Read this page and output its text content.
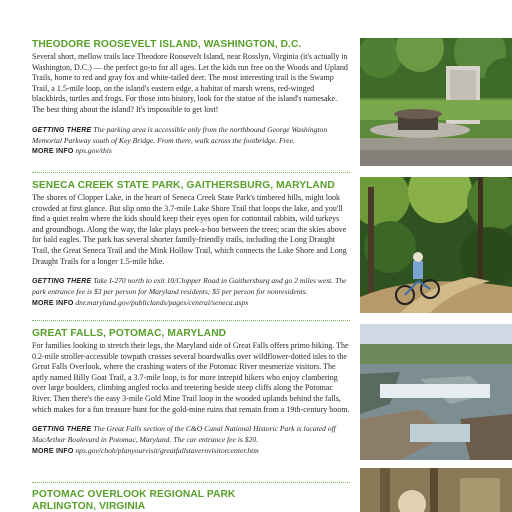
THEODORE ROOSEVELT ISLAND, WASHINGTON, D.C.
Several short, mellow trails lace Theodore Roosevelt Island, near Rosslyn, Virginia (it's actually in Washington, D.C.) — the perfect go-to for all ages. Let the kids run free on the Woods and Upland Trails, home to red and gray fox and white-tailed deer. The most interesting trail is the Swamp Trail, a 1.5-mile loop, on the island's eastern edge, a habitat of marsh wrens, red-winged blackbirds, turtles and frogs. For those into history, look for the statue of the island's namesake. The best thing about the island? It's impossible to get lost!
GETTING THERE The parking area is accessible only from the northbound George Washington Memorial Parkway south of Key Bridge. From there, walk across the footbridge. Free.
MORE INFO nps.gov/this
SENECA CREEK STATE PARK, GAITHERSBURG, MARYLAND
The shores of Clopper Lake, in the heart of Seneca Creek State Park's timbered hills, might look crowded at first glance. But slip onto the 3.7-mile Lake Shore Trail that loops the lake, and you'll find a quiet realm where the kids should keep their eyes open for cottontail rabbits, wild turkeys and groundhogs. Along the way, the lake plays peek-a-boo between the trees; scan the skies above for bald eagles. The park has several shorter family-friendly trails, including the Long Draught Trail, the Great Seneca Trail and the Mink Hollow Trail, which connects the Lake Shore and Long Draught Trails for a longer 1.5-mile hike.
GETTING THERE Take I-270 north to exit 10/Clopper Road in Gaithersburg and go 2 miles west. The park entrance fee is $3 per person for Maryland residents; $5 per person for nonresidents.
MORE INFO dnr.maryland.gov/publiclands/pages/central/seneca.aspx
GREAT FALLS, POTOMAC, MARYLAND
For families looking to stretch their legs, the Maryland side of Great Falls offers primo hiking. The 0.2-mile stroller-accessible towpath crosses several boardwalks over wildflower-dotted isles to the Great Falls Overlook, where the crashing waters of the Potomac River mesmerize visitors. The aptly named Billy Goat Trail, a 3.7-mile loop, is for more intrepid hikers who enjoy clambering over large boulders, climbing angled rocks and teetering beside steep cliffs along the Potomac River. Then there's the easy 3-mile Gold Mine Trail loop in the wooded uplands behind the falls, which makes for a fun treasure hunt for the gold-mine ruins that remain from a 19th-century boom.
GETTING THERE The Great Falls section of the C&O Canal National Historic Park is located off MacArthur Boulevard in Potomac, Maryland. The car entrance fee is $20.
MORE INFO nps.gov/choh/planyourvisit/greatfallstavernvisitorcenter.htm
POTOMAC OVERLOOK REGIONAL PARK
ARLINGTON, VIRGINIA
